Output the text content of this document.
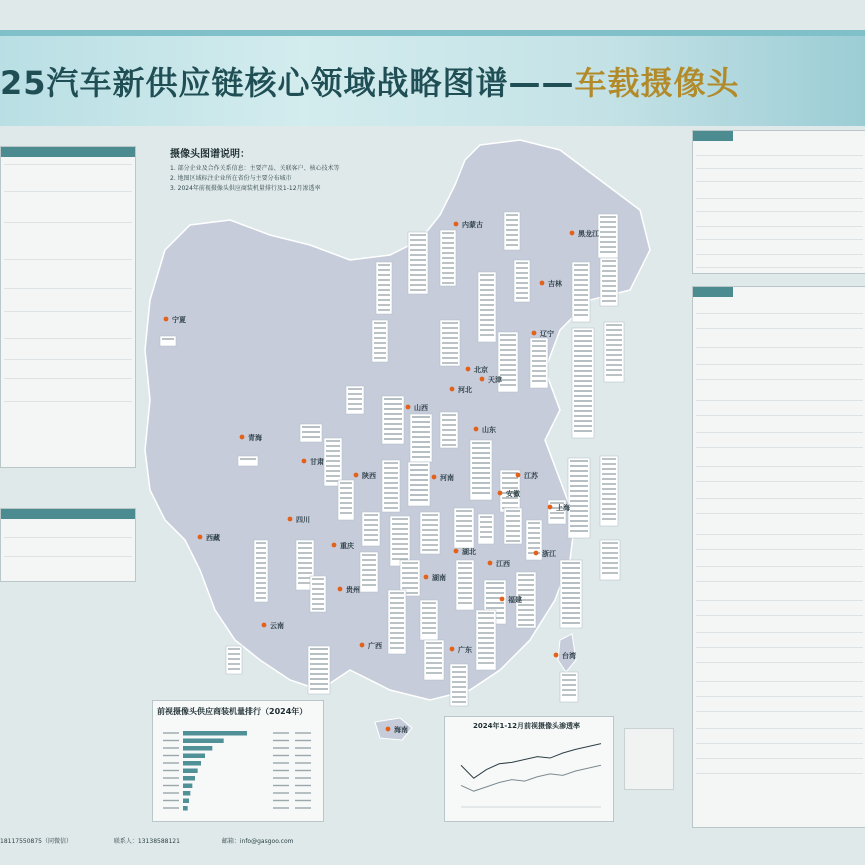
25汽车新供应链核心领域战略图谱——车载摄像头
黑龙江
内蒙古
吉林
辽宁
北京
天津
河北
山西
山东
宁夏
甘肃
青海
陕西	河南	江苏
安徽
上海
湖北
四川
重庆
浙江
西藏
湖南
江西
福建
贵州
云南
广西	广东
台湾
海南
摄像头图谱说明：
1. 部分企业及合作关系信息：主要产品、关联客户、核心技术等
2. 地图区域标注企业所在省份与主要分布城市
3. 2024年前视摄像头供应商装机量排行及1-12月渗透率
前视摄像头供应商装机量排行（2024年）
2024年1-12月前视摄像头渗透率
18117550875（同微信）	联系人：13138588121	邮箱：info@gasgoo.com
